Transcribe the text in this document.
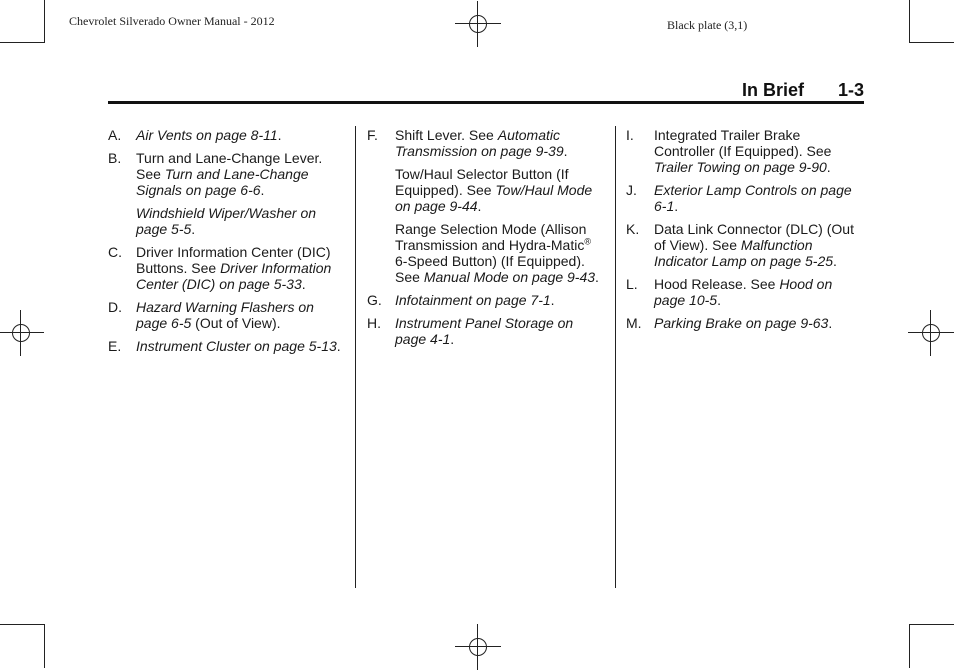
Chevrolet Silverado Owner Manual - 2012	Black plate (3,1)
In Brief 1-3
A. Air Vents on page 8-11.
B. Turn and Lane-Change Lever.
See Turn and Lane-Change Signals on page 6-6.
Windshield Wiper/Washer on page 5-5.
C. Driver Information Center (DIC) Buttons. See Driver Information Center (DIC) on page 5-33.
D. Hazard Warning Flashers on page 6-5 (Out of View).
E. Instrument Cluster on page 5-13.
F. Shift Lever. See Automatic Transmission on page 9-39.
Tow/Haul Selector Button (If Equipped). See Tow/Haul Mode on page 9-44.
Range Selection Mode (Allison Transmission and Hydra-Matic® 6-Speed Button) (If Equipped). See Manual Mode on page 9-43.
G. Infotainment on page 7-1.
H. Instrument Panel Storage on page 4-1.
I. Integrated Trailer Brake Controller (If Equipped). See Trailer Towing on page 9-90.
J. Exterior Lamp Controls on page 6-1.
K. Data Link Connector (DLC) (Out of View). See Malfunction Indicator Lamp on page 5-25.
L. Hood Release. See Hood on page 10-5.
M. Parking Brake on page 9-63.
